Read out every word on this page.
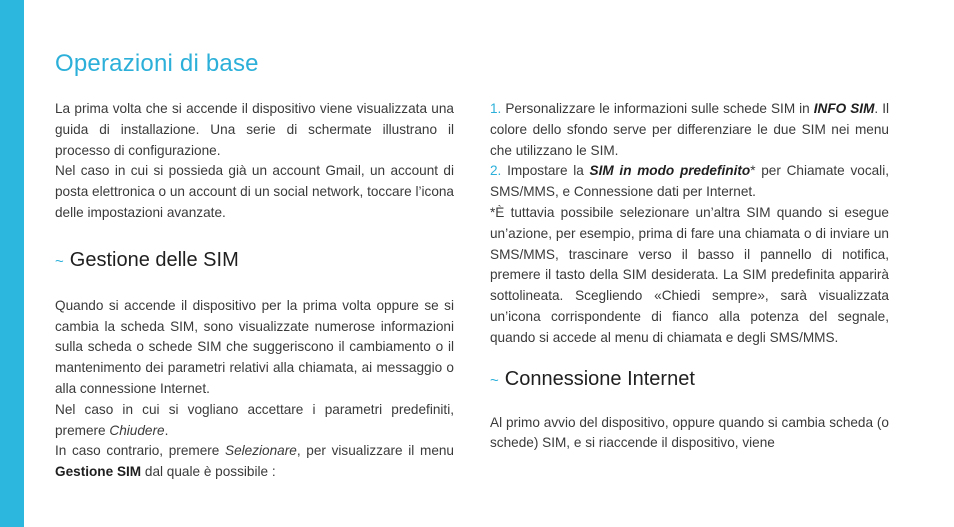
Operazioni di base

La prima volta che si accende il dispositivo viene visualizzata una guida di installazione. Una serie di schermate illustrano il processo di configurazione.

Nel caso in cui si possieda già un account Gmail, un account di posta elettronica o un account di un social network, toccare l’icona delle impostazioni avanzate.

~ Gestione delle SIM

Quando si accende il dispositivo per la prima volta oppure se si cambia la scheda SIM, sono visualizzate numerose informazioni sulla scheda o schede SIM che suggeriscono il cambiamento o il mantenimento dei parametri relativi alla chiamata, ai messaggio o alla connessione Internet.

Nel caso in cui si vogliano accettare i parametri predefiniti, premere Chiudere.

In caso contrario, premere Selezionare, per visualizzare il menu Gestione SIM dal quale è possibile :

1. Personalizzare le informazioni sulle schede SIM in INFO SIM. Il colore dello sfondo serve per differenziare le due SIM nei menu che utilizzano le SIM.

2. Impostare la SIM in modo predefinito* per Chiamate vocali, SMS/MMS, e Connessione dati per Internet.

*È tuttavia possibile selezionare un’altra SIM quando si esegue un’azione, per esempio, prima di fare una chiamata o di inviare un SMS/MMS, trascinare verso il basso il pannello di notifica, premere il tasto della SIM desiderata. La SIM predefinita apparirà sottolineata. Scegliendo «Chiedi sempre», sarà visualizzata un’icona corrispondente di fianco alla potenza del segnale, quando si accede al menu di chiamata e degli SMS/MMS.

~ Connessione Internet

Al primo avvio del dispositivo, oppure quando si cambia scheda (o schede) SIM, e si riaccende il dispositivo, viene
